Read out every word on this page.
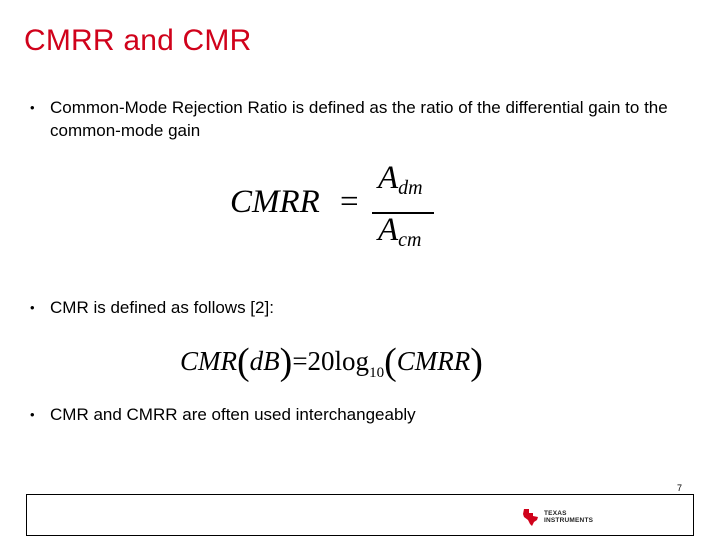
CMRR and CMR
• Common-Mode Rejection Ratio is defined as the ratio of the differential gain to the common-mode gain
CMRR =
$A_{dm}$
$A_{cm}$
• CMR is defined as follows [2]:
$CMR(dB)=20\log_{10}(CMRR)$
• CMR and CMRR are often used interchangeably
7
TEXAS
INSTRUMENTS
